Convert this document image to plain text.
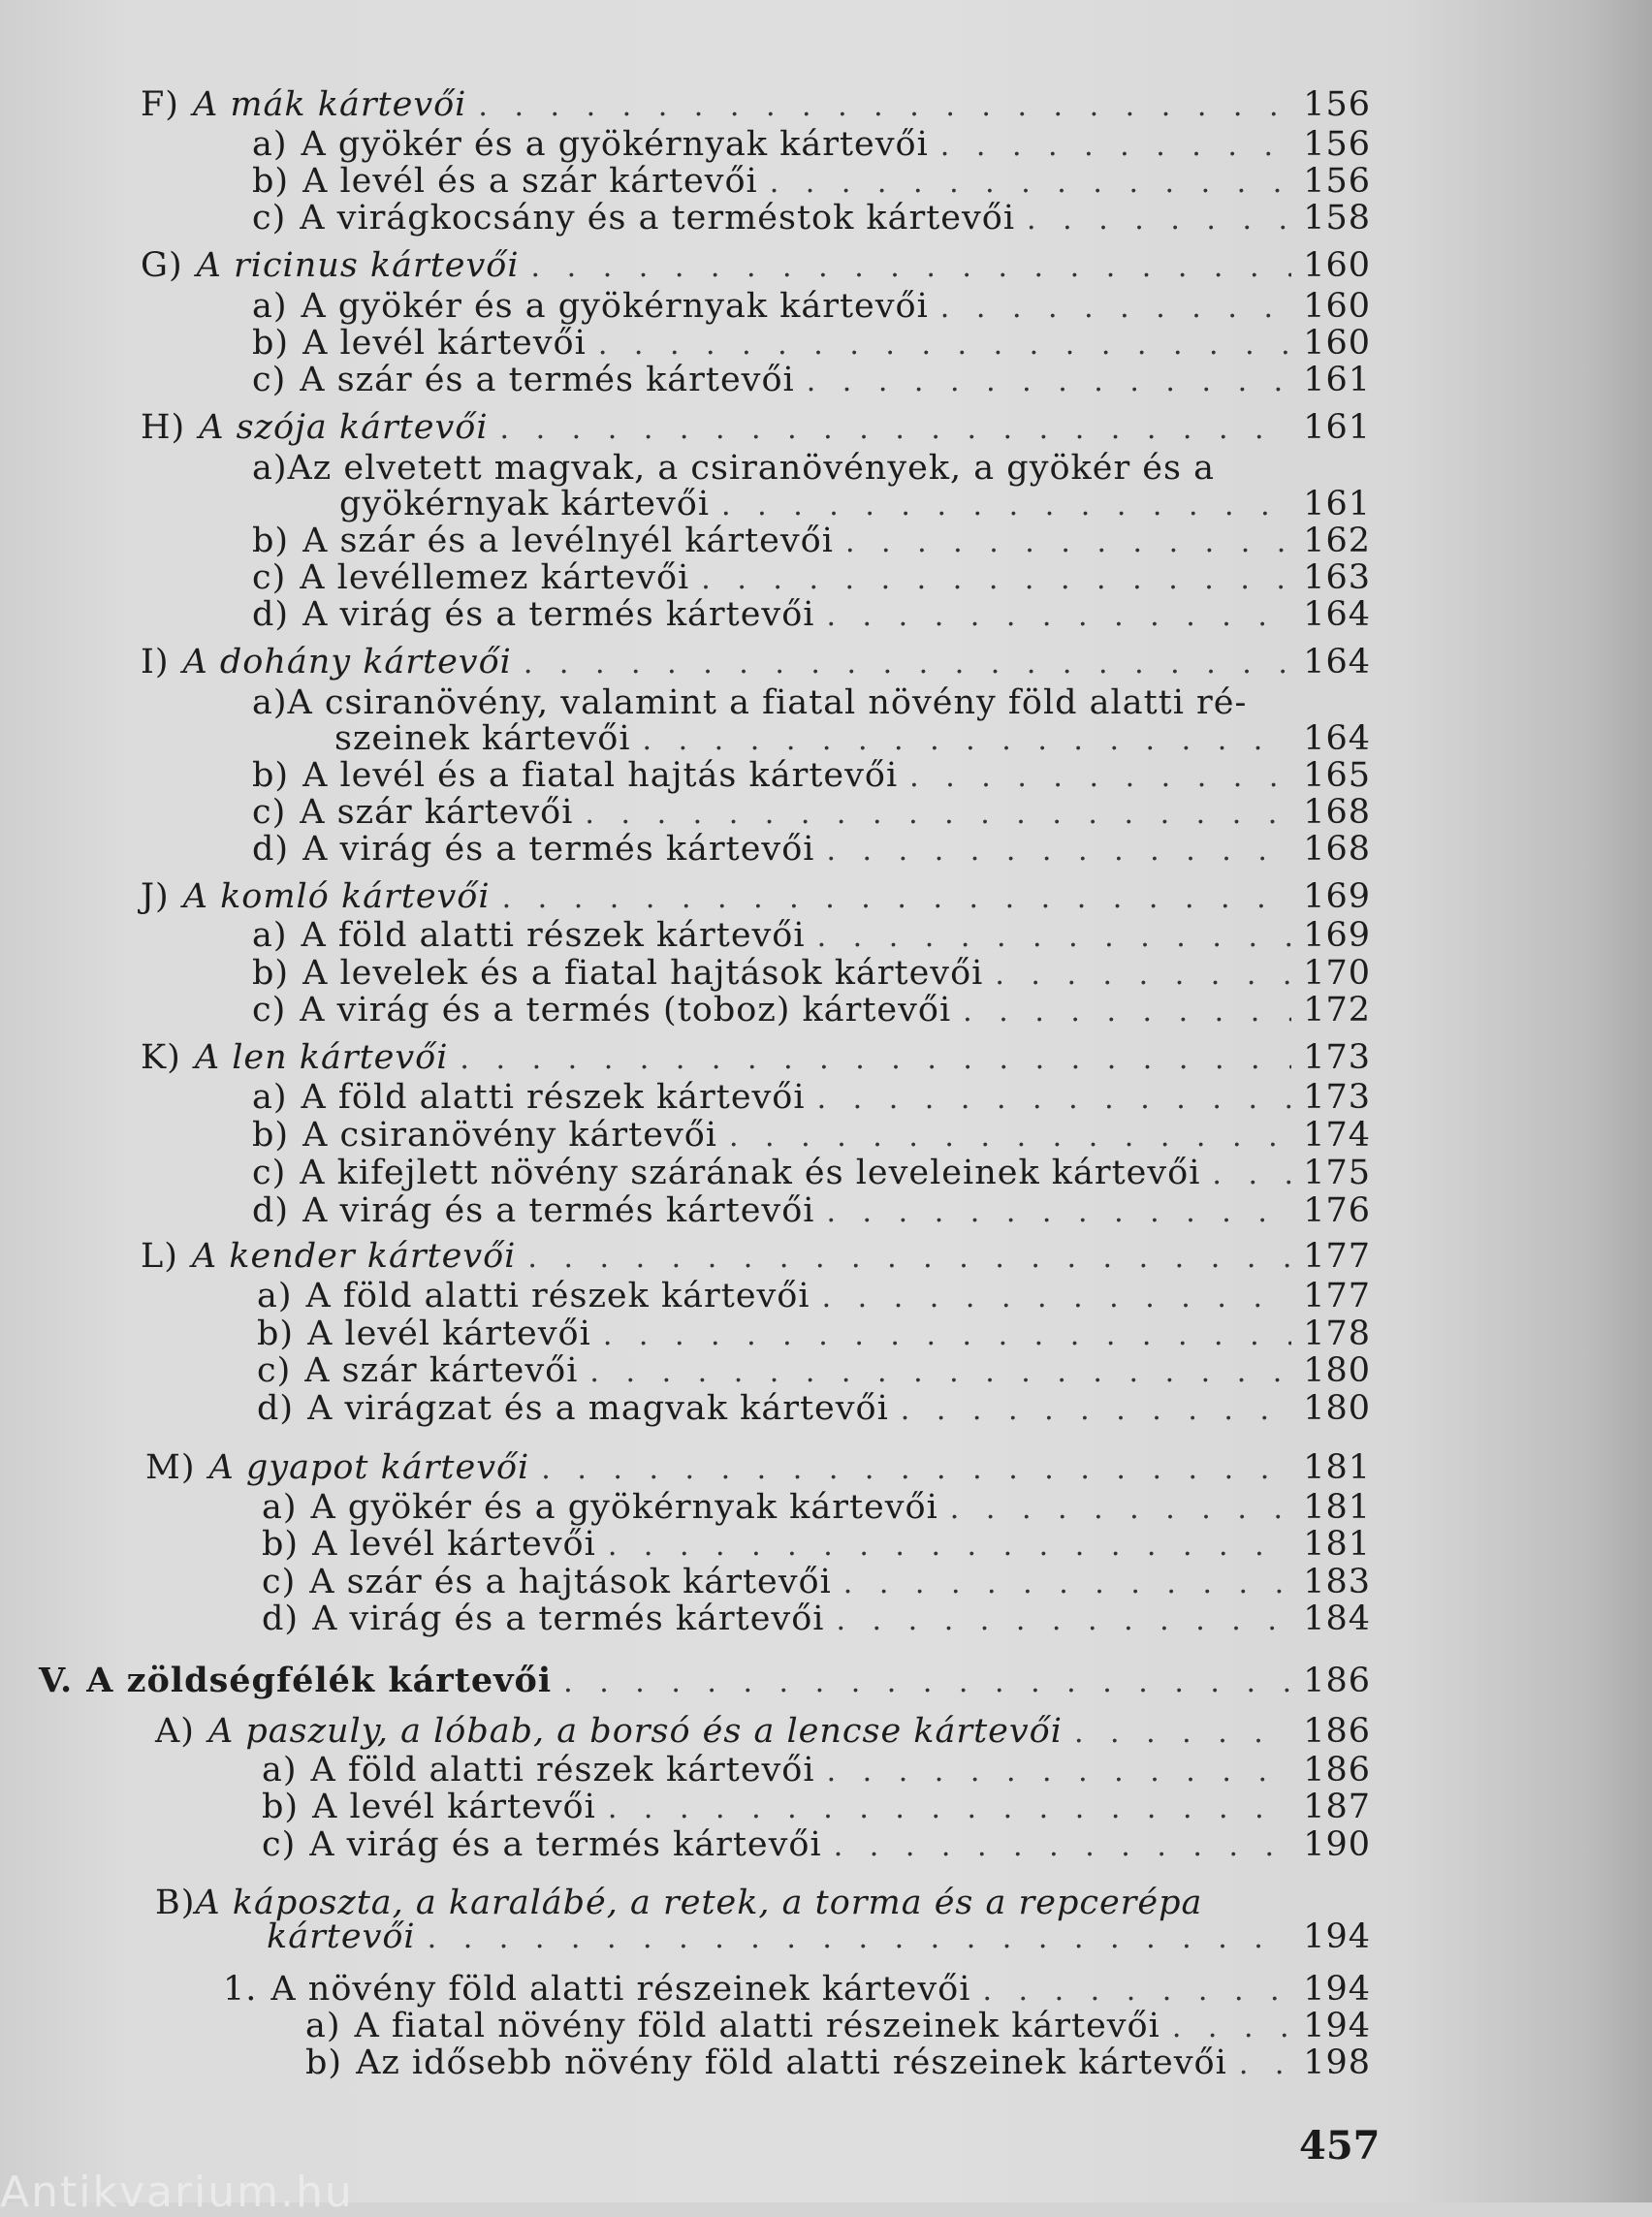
F) A mák kártevői . . .	156
a) A gyökér és a gyökérnyak kártevői . . .	156
b) A levél és a szár kártevői . . .	156
c) A virágkocsány és a terméstok kártevői . . .	158
G) A ricinus kártevői . . .	160
a) A gyökér és a gyökérnyak kártevői . . .	160
b) A levél kártevői . . .	160
c) A szár és a termés kártevői . . .	161
H) A szója kártevői . . .	161
a)Az elvetett magvak, a csiranövények, a gyökér és a
gyökérnyak kártevői . . .	161
b) A szár és a levélnyél kártevői . . .	162
c) A levéllemez kártevői . . .	163
d) A virág és a termés kártevői . . .	164
I) A dohány kártevői . . .	164
a)A csiranövény, valamint a fiatal növény föld alatti ré-
szeinek kártevői . . .	164
b) A levél és a fiatal hajtás kártevői . . .	165
c) A szár kártevői . . .	168
d) A virág és a termés kártevői . . .	168
J) A komló kártevői . . .	169
a) A föld alatti részek kártevői . . .	169
b) A levelek és a fiatal hajtások kártevői . . .	170
c) A virág és a termés (toboz) kártevői . . .	172
K) A len kártevői . . .	173
a) A föld alatti részek kártevői . . .	173
b) A csiranövény kártevői . . .	174
c) A kifejlett növény szárának és leveleinek kártevői . . .	175
d) A virág és a termés kártevői . . .	176
L) A kender kártevői . . .	177
a) A föld alatti részek kártevői . . .	177
b) A levél kártevői . . .	178
c) A szár kártevői . . .	180
d) A virágzat és a magvak kártevői . . .	180
M) A gyapot kártevői . . .	181
a) A gyökér és a gyökérnyak kártevői . . .	181
b) A levél kártevői . . .	181
c) A szár és a hajtások kártevői . . .	183
d) A virág és a termés kártevői . . .	184
V. A zöldségfélék kártevői . . .	186
A) A paszuly, a lóbab, a borsó és a lencse kártevői . . .	186
a) A föld alatti részek kártevői . . .	186
b) A levél kártevői . . .	187
c) A virág és a termés kártevői . . .	190
B)A káposzta, a karalábé, a retek, a torma és a repcerépa
kártevői . . .	194
1. A növény föld alatti részeinek kártevői . . .	194
a) A fiatal növény föld alatti részeinek kártevői . . .	194
b) Az idősebb növény föld alatti részeinek kártevői . . . 198
457
Antikvarium.hu
